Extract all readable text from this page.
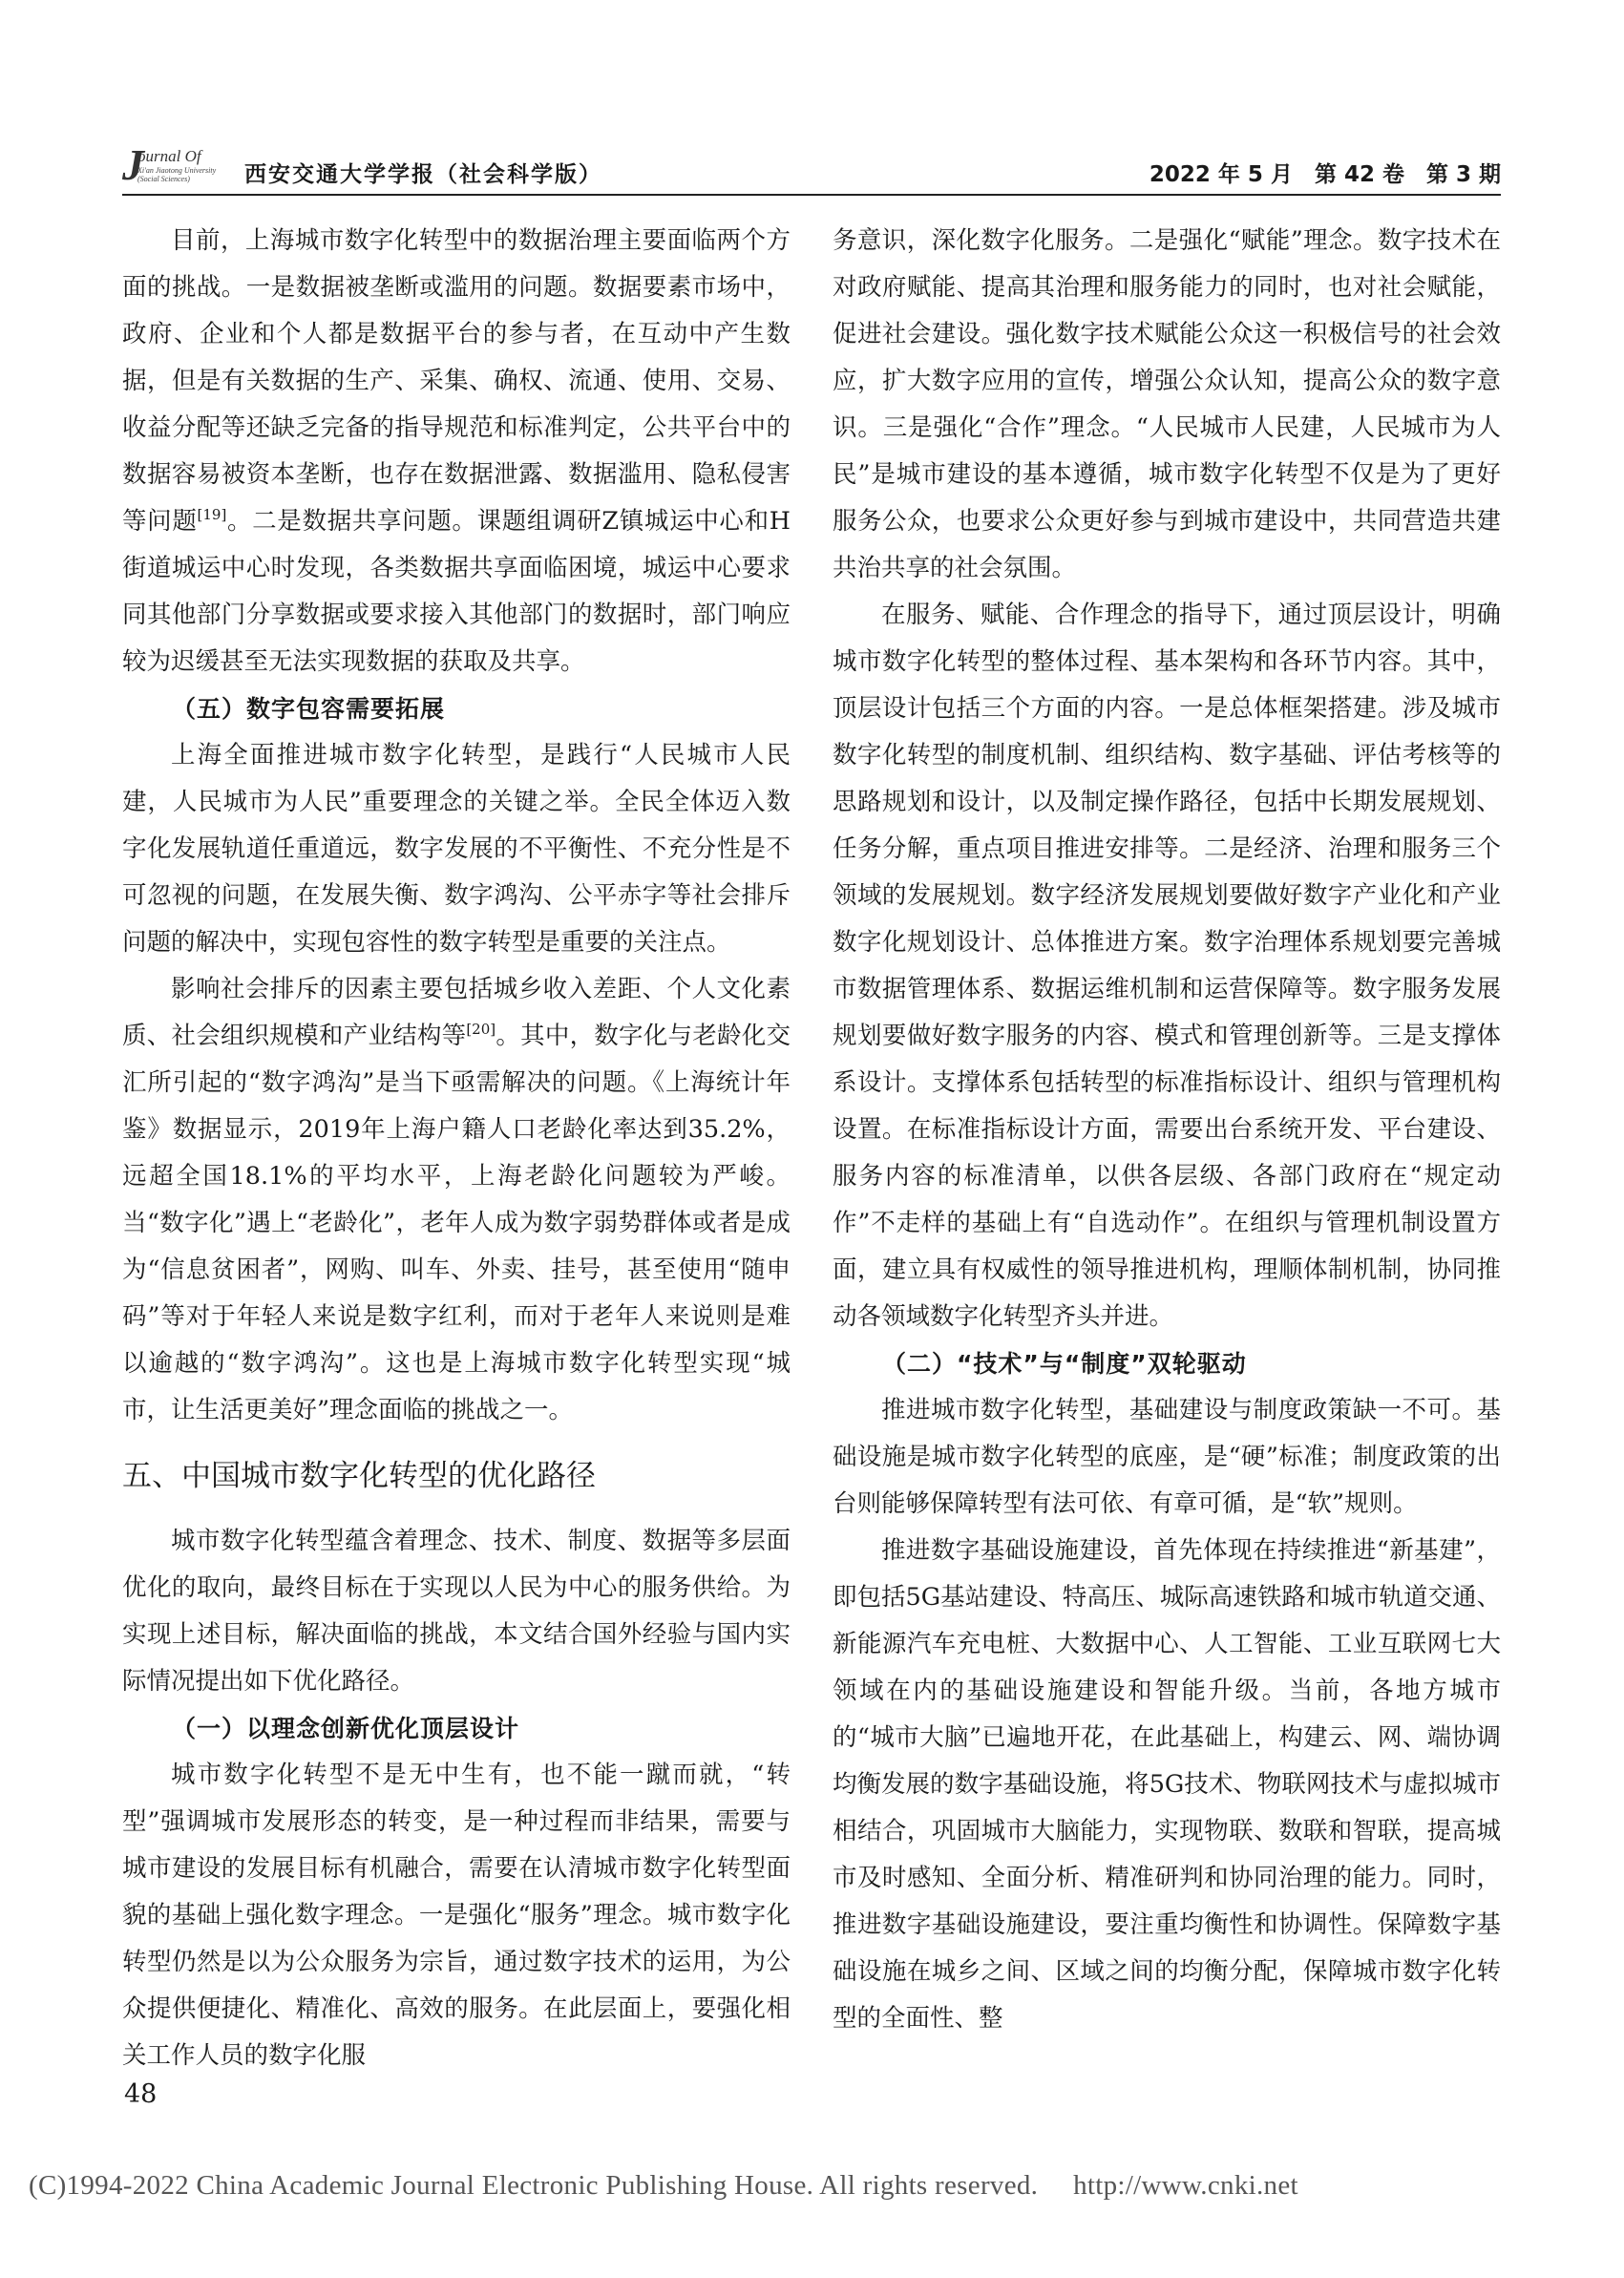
J
ournal Of
Xi'an Jiaotong University
(Social Sciences)	西安交通大学学报（社会科学版）	2022 年 5 月　第 42 卷　第 3 期

目前，上海城市数字化转型中的数据治理主要面临两个方面的挑战。一是数据被垄断或滥用的问题。数据要素市场中，政府、企业和个人都是数据平台的参与者，在互动中产生数据，但是有关数据的生产、采集、确权、流通、使用、交易、收益分配等还缺乏完备的指导规范和标准判定，公共平台中的数据容易被资本垄断，也存在数据泄露、数据滥用、隐私侵害等问题[19]。二是数据共享问题。课题组调研Z镇城运中心和H街道城运中心时发现，各类数据共享面临困境，城运中心要求同其他部门分享数据或要求接入其他部门的数据时，部门响应较为迟缓甚至无法实现数据的获取及共享。

（五）数字包容需要拓展

上海全面推进城市数字化转型，是践行“人民城市人民建，人民城市为人民”重要理念的关键之举。全民全体迈入数字化发展轨道任重道远，数字发展的不平衡性、不充分性是不可忽视的问题，在发展失衡、数字鸿沟、公平赤字等社会排斥问题的解决中，实现包容性的数字转型是重要的关注点。

影响社会排斥的因素主要包括城乡收入差距、个人文化素质、社会组织规模和产业结构等[20]。其中，数字化与老龄化交汇所引起的“数字鸿沟”是当下亟需解决的问题。《上海统计年鉴》数据显示，2019年上海户籍人口老龄化率达到35.2%，远超全国18.1%的平均水平，上海老龄化问题较为严峻。当“数字化”遇上“老龄化”，老年人成为数字弱势群体或者是成为“信息贫困者”，网购、叫车、外卖、挂号，甚至使用“随申码”等对于年轻人来说是数字红利，而对于老年人来说则是难以逾越的“数字鸿沟”。这也是上海城市数字化转型实现“城市，让生活更美好”理念面临的挑战之一。

五、中国城市数字化转型的优化路径

城市数字化转型蕴含着理念、技术、制度、数据等多层面优化的取向，最终目标在于实现以人民为中心的服务供给。为实现上述目标，解决面临的挑战，本文结合国外经验与国内实际情况提出如下优化路径。

（一）以理念创新优化顶层设计

城市数字化转型不是无中生有，也不能一蹴而就，“转型”强调城市发展形态的转变，是一种过程而非结果，需要与城市建设的发展目标有机融合，需要在认清城市数字化转型面貌的基础上强化数字理念。一是强化“服务”理念。城市数字化转型仍然是以为公众服务为宗旨，通过数字技术的运用，为公众提供便捷化、精准化、高效的服务。在此层面上，要强化相关工作人员的数字化服

务意识，深化数字化服务。二是强化“赋能”理念。数字技术在对政府赋能、提高其治理和服务能力的同时，也对社会赋能，促进社会建设。强化数字技术赋能公众这一积极信号的社会效应，扩大数字应用的宣传，增强公众认知，提高公众的数字意识。三是强化“合作”理念。“人民城市人民建，人民城市为人民”是城市建设的基本遵循，城市数字化转型不仅是为了更好服务公众，也要求公众更好参与到城市建设中，共同营造共建共治共享的社会氛围。

在服务、赋能、合作理念的指导下，通过顶层设计，明确城市数字化转型的整体过程、基本架构和各环节内容。其中，顶层设计包括三个方面的内容。一是总体框架搭建。涉及城市数字化转型的制度机制、组织结构、数字基础、评估考核等的思路规划和设计，以及制定操作路径，包括中长期发展规划、任务分解，重点项目推进安排等。二是经济、治理和服务三个领域的发展规划。数字经济发展规划要做好数字产业化和产业数字化规划设计、总体推进方案。数字治理体系规划要完善城市数据管理体系、数据运维机制和运营保障等。数字服务发展规划要做好数字服务的内容、模式和管理创新等。三是支撑体系设计。支撑体系包括转型的标准指标设计、组织与管理机构设置。在标准指标设计方面，需要出台系统开发、平台建设、服务内容的标准清单，以供各层级、各部门政府在“规定动作”不走样的基础上有“自选动作”。在组织与管理机制设置方面，建立具有权威性的领导推进机构，理顺体制机制，协同推动各领域数字化转型齐头并进。

（二）“技术”与“制度”双轮驱动

推进城市数字化转型，基础建设与制度政策缺一不可。基础设施是城市数字化转型的底座，是“硬”标准；制度政策的出台则能够保障转型有法可依、有章可循，是“软”规则。

推进数字基础设施建设，首先体现在持续推进“新基建”，即包括5G基站建设、特高压、城际高速铁路和城市轨道交通、新能源汽车充电桩、大数据中心、人工智能、工业互联网七大领域在内的基础设施建设和智能升级。当前，各地方城市的“城市大脑”已遍地开花，在此基础上，构建云、网、端协调均衡发展的数字基础设施，将5G技术、物联网技术与虚拟城市相结合，巩固城市大脑能力，实现物联、数联和智联，提高城市及时感知、全面分析、精准研判和协同治理的能力。同时，推进数字基础设施建设，要注重均衡性和协调性。保障数字基础设施在城乡之间、区域之间的均衡分配，保障城市数字化转型的全面性、整

48
(C)1994-2022 China Academic Journal Electronic Publishing House. All rights reserved.　 http://www.cnki.net
